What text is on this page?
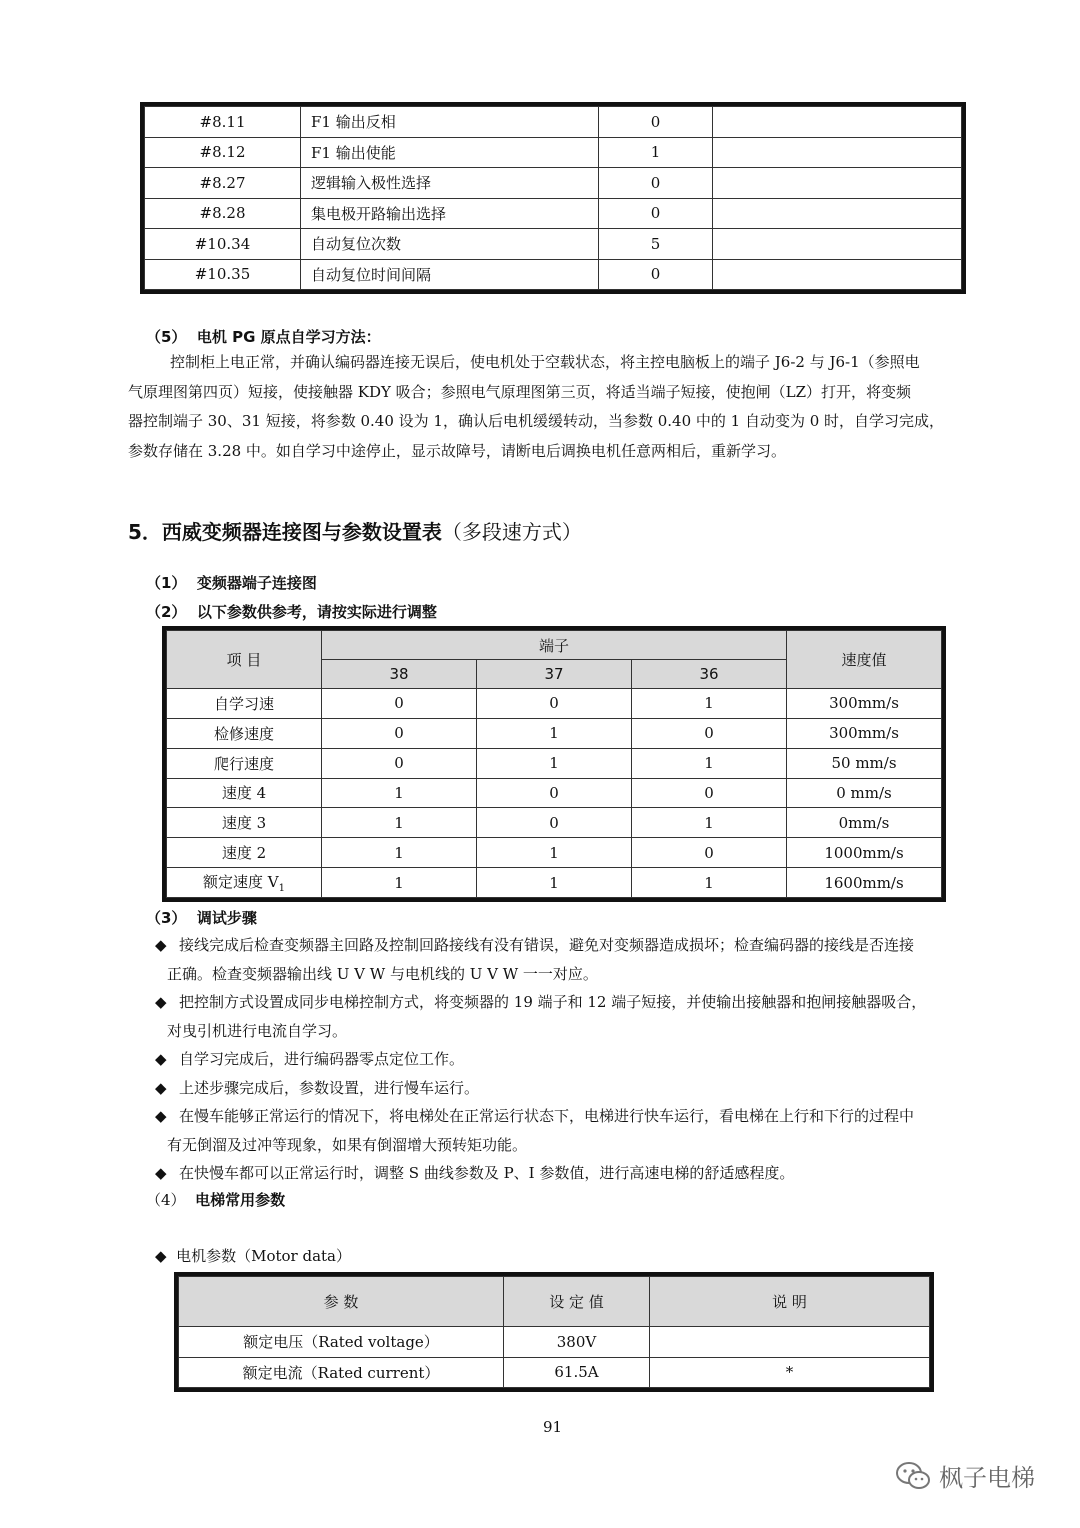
#8.11	F1 输出反相	0	
#8.12	F1 输出使能	1	
#8.27	逻辑输入极性选择	0	
#8.28	集电极开路输出选择	0	
#10.34	自动复位次数	5	
#10.35	自动复位时间间隔	0	
（5） 电机 PG 原点自学习方法：
控制柜上电正常，并确认编码器连接无误后，使电机处于空载状态，将主控电脑板上的端子 J6-2 与 J6-1（参照电
气原理图第四页）短接，使接触器 KDY 吸合；参照电气原理图第三页，将适当端子短接，使抱闸（LZ）打开，将变频
器控制端子 30、31 短接，将参数 0.40 设为 1，确认后电机缓缓转动，当参数 0.40 中的 1 自动变为 0 时，自学习完成，
参数存储在 3.28 中。如自学习中途停止，显示故障号，请断电后调换电机任意两相后，重新学习。
5．西威变频器连接图与参数设置表（多段速方式）
（1） 变频器端子连接图
（2） 以下参数供参考，请按实际进行调整
项 目	端子			速度值
	38	37	36	
自学习速	0	0	1	300mm/s
检修速度	0	1	0	300mm/s
爬行速度	0	1	1	50 mm/s
速度 4	1	0	0	0 mm/s
速度 3	1	0	1	0mm/s
速度 2	1	1	0	1000mm/s
额定速度 $V_1$	1	1	1	1600mm/s
（3） 调试步骤
◆ 接线完成后检查变频器主回路及控制回路接线有没有错误，避免对变频器造成损坏；检查编码器的接线是否连接
正确。检查变频器输出线 U V W 与电机线的 U V W 一一对应。
◆ 把控制方式设置成同步电梯控制方式，将变频器的 19 端子和 12 端子短接，并使输出接触器和抱闸接触器吸合，
对曳引机进行电流自学习。
◆ 自学习完成后，进行编码器零点定位工作。
◆ 上述步骤完成后，参数设置，进行慢车运行。
◆ 在慢车能够正常运行的情况下，将电梯处在正常运行状态下，电梯进行快车运行，看电梯在上行和下行的过程中
有无倒溜及过冲等现象，如果有倒溜增大预转矩功能。
◆ 在快慢车都可以正常运行时，调整 S 曲线参数及 P、I 参数值，进行高速电梯的舒适感程度。
（4） 电梯常用参数
◆ 电机参数（Motor data）
参 数	设 定 值	说 明
额定电压（Rated voltage）	380V	
额定电流（Rated current）	61.5A	*
91
枫子电梯
